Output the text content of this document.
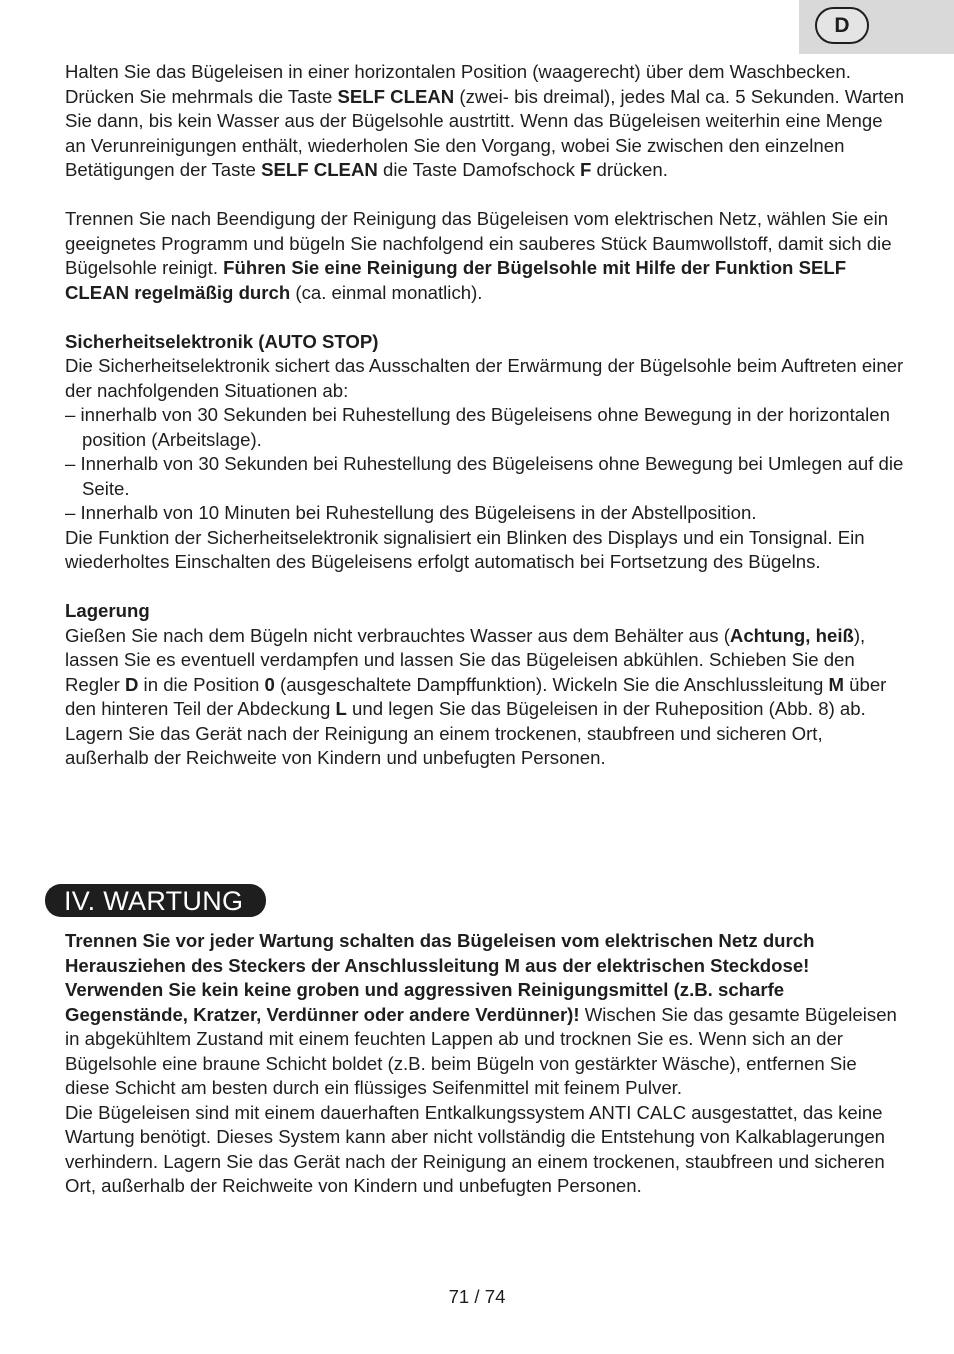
D

Halten Sie das Bügeleisen in einer horizontalen Position (waagerecht) über dem Waschbecken. Drücken Sie mehrmals die Taste SELF CLEAN (zwei- bis dreimal), jedes Mal ca. 5 Sekunden. Warten Sie dann, bis kein Wasser aus der Bügelsohle austrtitt. Wenn das Bügeleisen weiterhin eine Menge an Verunreinigungen enthält, wiederholen Sie den Vorgang, wobei Sie zwischen den einzelnen Betätigungen der Taste SELF CLEAN die Taste Damofschock F drücken.

Trennen Sie nach Beendigung der Reinigung das Bügeleisen vom elektrischen Netz, wählen Sie ein geeignetes Programm und bügeln Sie nachfolgend ein sauberes Stück Baumwollstoff, damit sich die Bügelsohle reinigt. Führen Sie eine Reinigung der Bügelsohle mit Hilfe der Funktion SELF CLEAN regelmäßig durch (ca. einmal monatlich).

Sicherheitselektronik (AUTO STOP)

Die Sicherheitselektronik sichert das Ausschalten der Erwärmung der Bügelsohle beim Auftreten einer der nachfolgenden Situationen ab:

– innerhalb von 30 Sekunden bei Ruhestellung des Bügeleisens ohne Bewegung in der horizontalen position (Arbeitslage).

– Innerhalb von 30 Sekunden bei Ruhestellung des Bügeleisens ohne Bewegung bei Umlegen auf die Seite.

– Innerhalb von 10 Minuten bei Ruhestellung des Bügeleisens in der Abstellposition.

Die Funktion der Sicherheitselektronik signalisiert ein Blinken des Displays und ein Tonsignal. Ein wiederholtes Einschalten des Bügeleisens erfolgt automatisch bei Fortsetzung des Bügelns.

Lagerung

Gießen Sie nach dem Bügeln nicht verbrauchtes Wasser aus dem Behälter aus (Achtung, heiß), lassen Sie es eventuell verdampfen und lassen Sie das Bügeleisen abkühlen. Schieben Sie den Regler D in die Position 0 (ausgeschaltete Dampffunktion). Wickeln Sie die Anschlussleitung M über den hinteren Teil der Abdeckung L und legen Sie das Bügeleisen in der Ruheposition (Abb. 8) ab. Lagern Sie das Gerät nach der Reinigung an einem trockenen, staubfreen und sicheren Ort, außerhalb der Reichweite von Kindern und unbefugten Personen.

IV. WARTUNG

Trennen Sie vor jeder Wartung schalten das Bügeleisen vom elektrischen Netz durch Herausziehen des Steckers der Anschlussleitung M aus der elektrischen Steckdose! Verwenden Sie kein keine groben und aggressiven Reinigungsmittel (z.B. scharfe Gegenstände, Kratzer, Verdünner oder andere Verdünner)! Wischen Sie das gesamte Bügeleisen in abgekühltem Zustand mit einem feuchten Lappen ab und trocknen Sie es. Wenn sich an der Bügelsohle eine braune Schicht boldet (z.B. beim Bügeln von gestärkter Wäsche), entfernen Sie diese Schicht am besten durch ein flüssiges Seifenmittel mit feinem Pulver.

Die Bügeleisen sind mit einem dauerhaften Entkalkungssystem ANTI CALC ausgestattet, das keine Wartung benötigt. Dieses System kann aber nicht vollständig die Entstehung von Kalkablagerungen verhindern. Lagern Sie das Gerät nach der Reinigung an einem trockenen, staubfreen und sicheren Ort, außerhalb der Reichweite von Kindern und unbefugten Personen.

71 / 74
